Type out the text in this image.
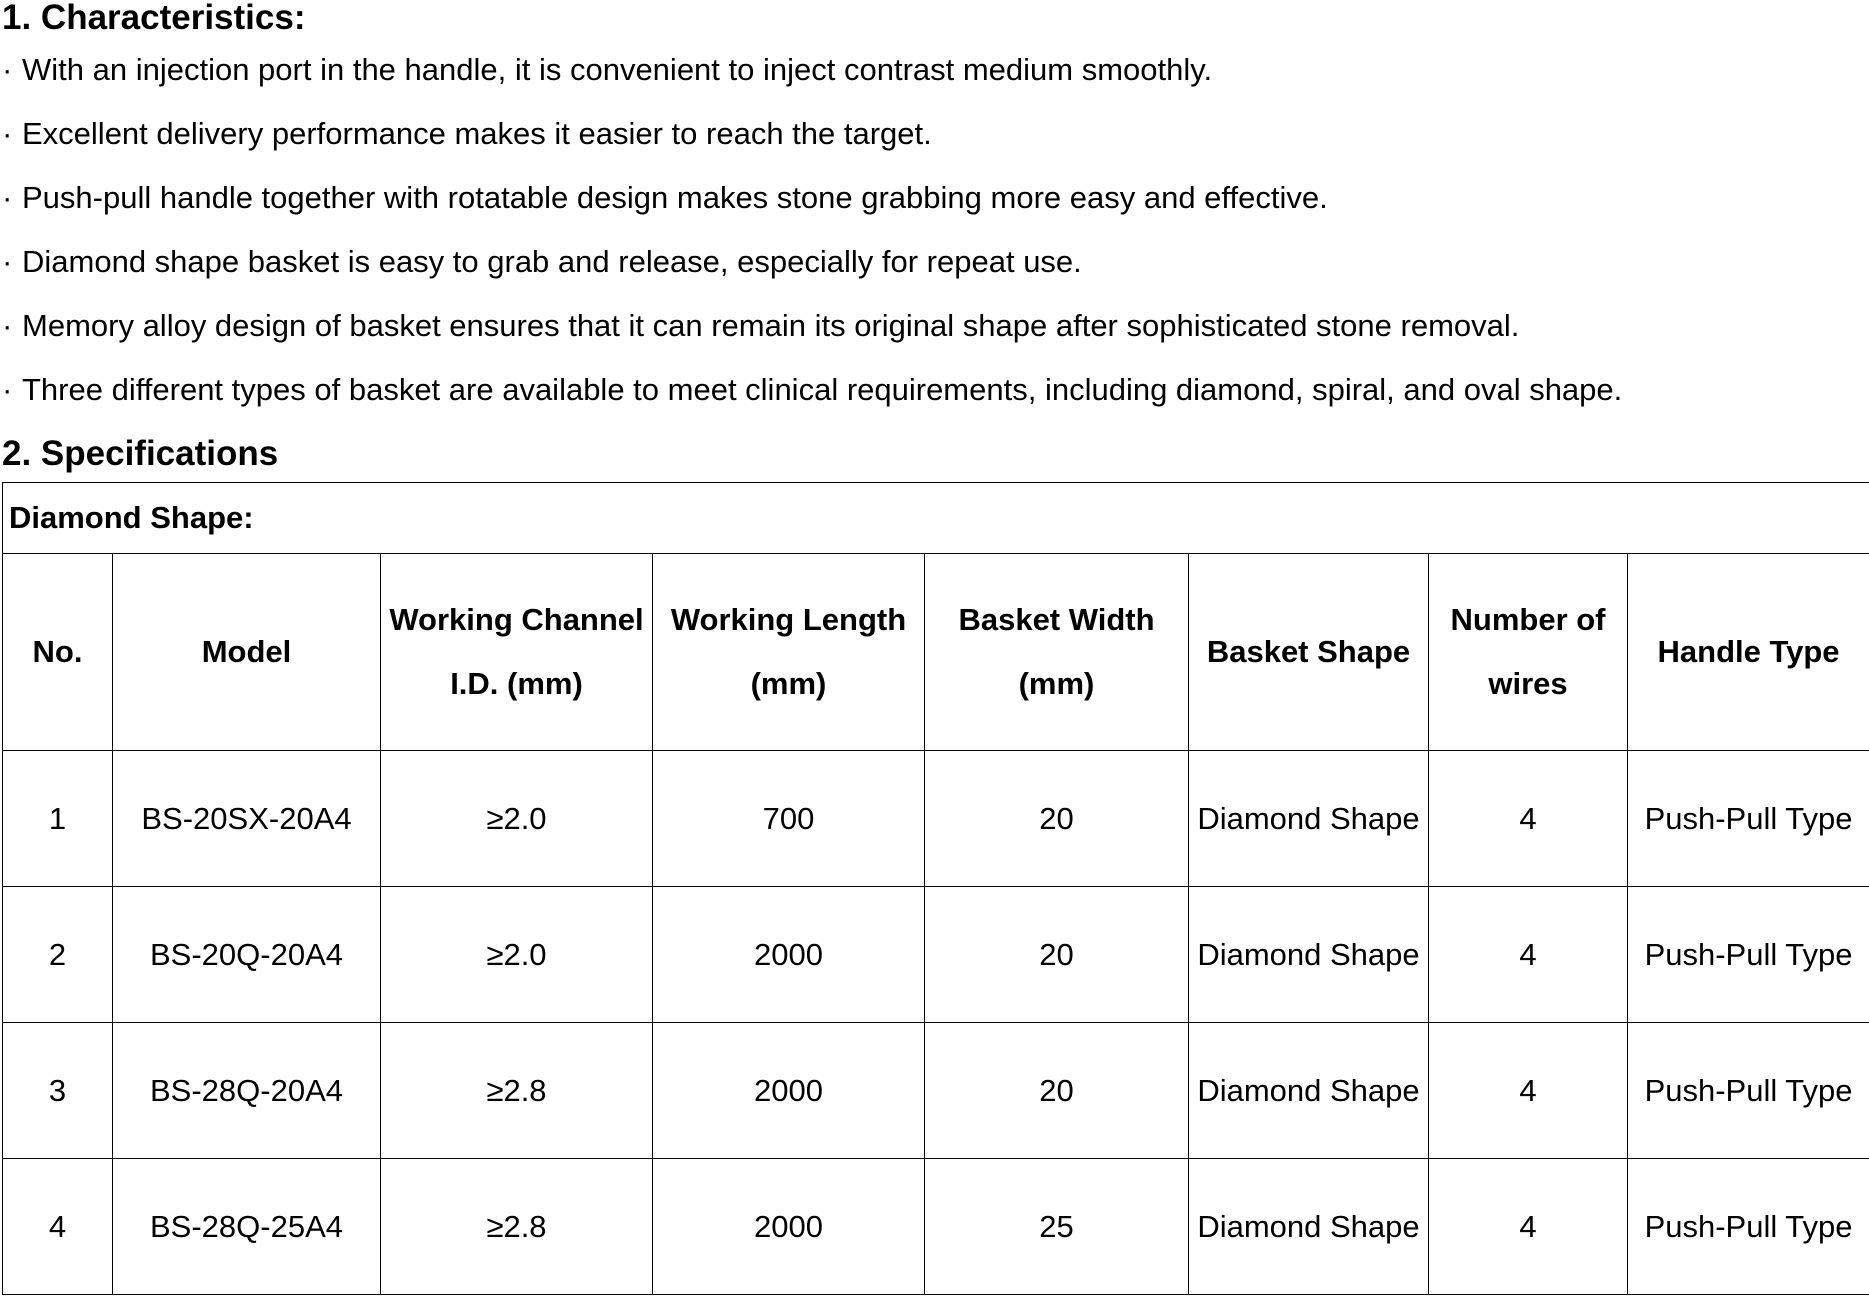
1. Characteristics:
· With an injection port in the handle, it is convenient to inject contrast medium smoothly.
· Excellent delivery performance makes it easier to reach the target.
· Push-pull handle together with rotatable design makes stone grabbing more easy and effective.
· Diamond shape basket is easy to grab and release, especially for repeat use.
· Memory alloy design of basket ensures that it can remain its original shape after sophisticated stone removal.
· Three different types of basket are available to meet clinical requirements, including diamond, spiral, and oval shape.
2. Specifications
Diamond Shape:							
No.	Model	Working Channel I.D. (mm)	Working Length (mm)	Basket Width (mm)	Basket Shape	Number of wires	Handle Type
1	BS-20SX-20A4	≥2.0	700	20	Diamond Shape	4	Push-Pull Type
2	BS-20Q-20A4	≥2.0	2000	20	Diamond Shape	4	Push-Pull Type
3	BS-28Q-20A4	≥2.8	2000	20	Diamond Shape	4	Push-Pull Type
4	BS-28Q-25A4	≥2.8	2000	25	Diamond Shape	4	Push-Pull Type
